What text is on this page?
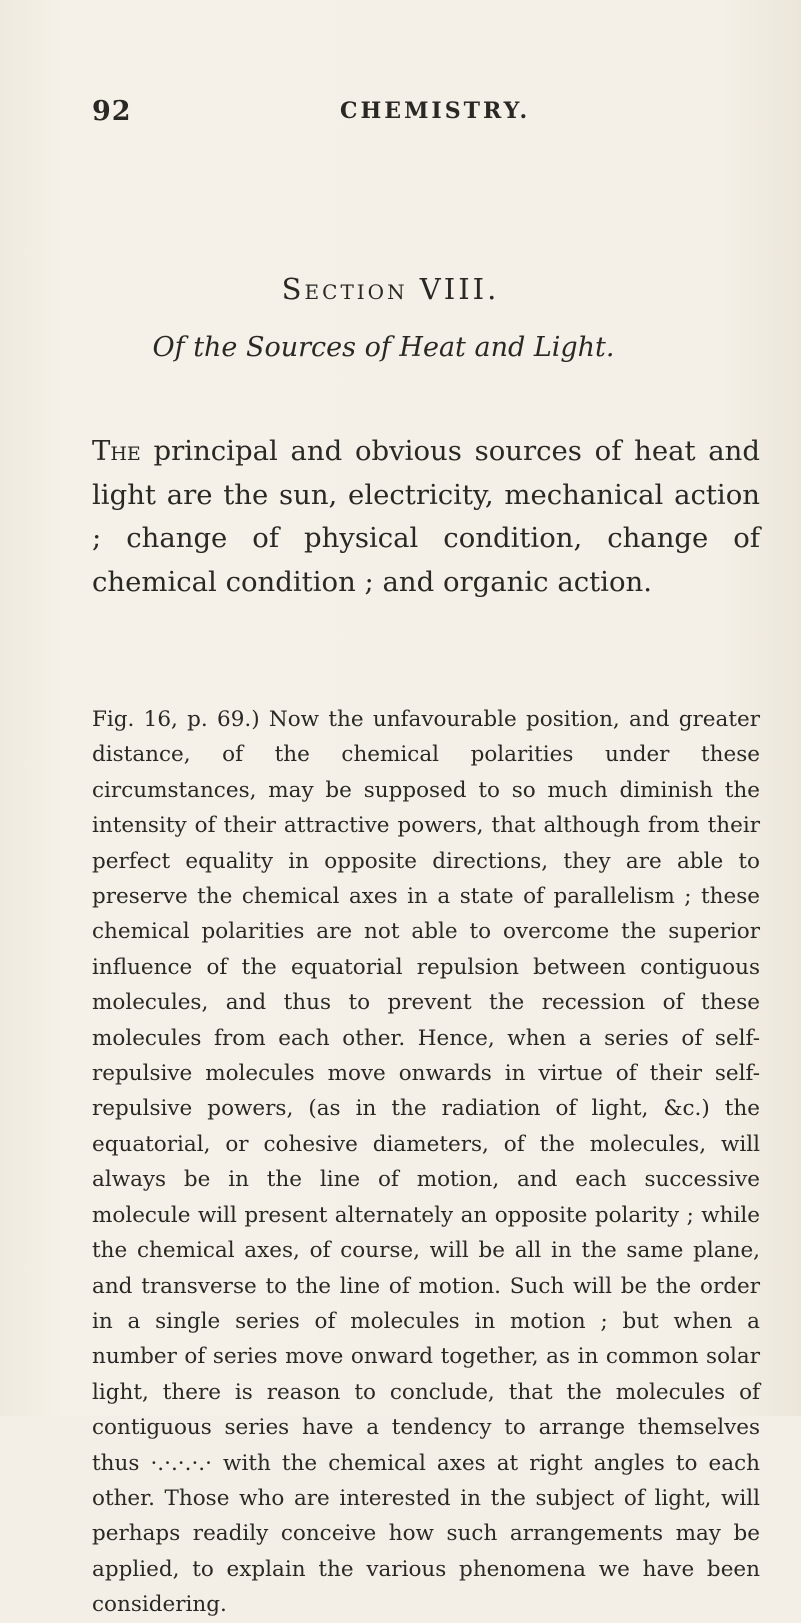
92	CHEMISTRY.
Section VIII.
Of the Sources of Heat and Light.

The principal and obvious sources of heat and light are the sun, electricity, mechanical action ; change of physical condition, change of chemical condition ; and organic action.

Fig. 16, p. 69.) Now the unfavourable position, and greater distance, of the chemical polarities under these circumstances, may be supposed to so much diminish the intensity of their attractive powers, that although from their perfect equality in opposite directions, they are able to preserve the chemical axes in a state of parallelism ; these chemical polarities are not able to overcome the superior influence of the equatorial repulsion between contiguous molecules, and thus to prevent the recession of these molecules from each other. Hence, when a series of self-repulsive molecules move onwards in virtue of their self-repulsive powers, (as in the radiation of light, &c.) the equatorial, or cohesive diameters, of the molecules, will always be in the line of motion, and each successive molecule will present alternately an opposite polarity ; while the chemical axes, of course, will be all in the same plane, and transverse to the line of motion. Such will be the order in a single series of molecules in motion ; but when a number of series move onward together, as in common solar light, there is reason to conclude, that the molecules of contiguous series have a tendency to arrange themselves thus ·.·.·.·.· with the chemical axes at right angles to each other. Those who are interested in the subject of light, will perhaps readily conceive how such arrangements may be applied, to explain the various phenomena we have been considering.
